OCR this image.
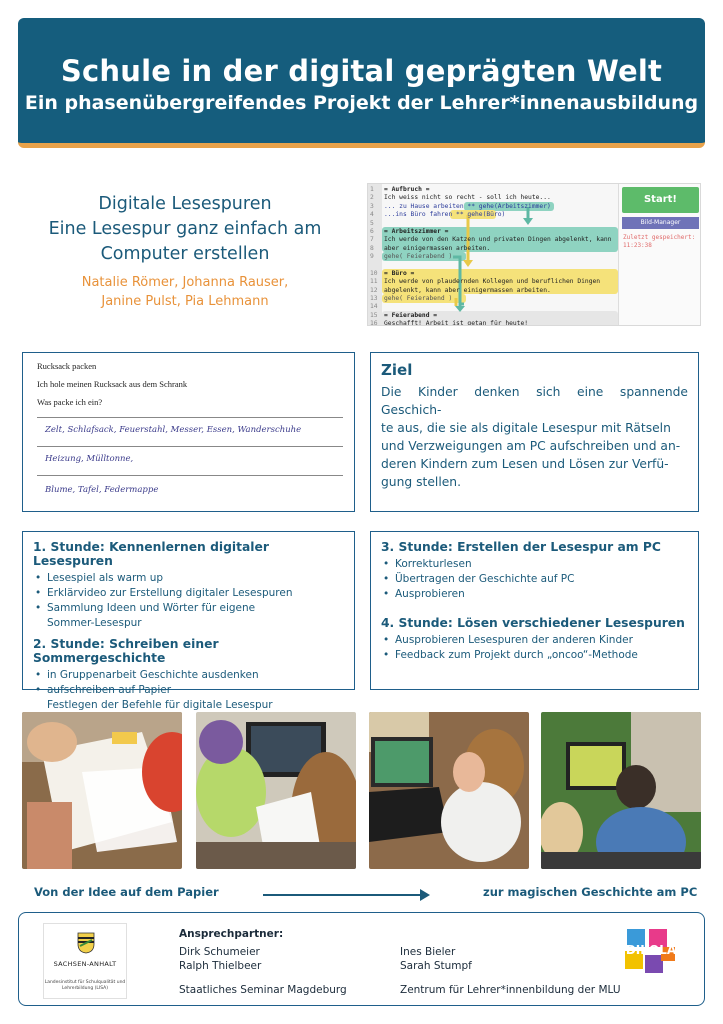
Schule in der digital geprägten Welt
Ein phasenübergreifendes Projekt der Lehrer*innenausbildung
Digitale Lesespuren
Eine Lesespur ganz einfach am
Computer erstellen
Natalie Römer, Johanna Rauser,
Janine Pulst, Pia Lehmann
1
2
3
4
5
6
7
8
9
10
11
12
13
14
15
16
= Aufbruch =
Ich weiss nicht so recht - soll ich heute...
... zu Hause arbeiten ** gehe(Arbeitszimmer)
...ins Büro fahren ** gehe(Büro)
= Arbeitszimmer =
Ich werde von den Katzen und privaten Dingen abgelenkt, kann
aber einigermassen arbeiten.
gehe( Feierabend )
= Büro =
Ich werde von plaudernden Kollegen und beruflichen Dingen
abgelenkt, kann aber einigermassen arbeiten.
gehe( Feierabend )
= Feierabend =
Geschafft! Arbeit ist getan für heute!
Start!
Bild-Manager
Zuletzt gespeichert:
11:23:38
Rucksack packen
Ich hole meinen Rucksack aus dem Schrank
Was packe ich ein?
Zelt, Schlafsack, Feuerstahl, Messer, Essen, Wanderschuhe
Heizung, Mülltonne,
Blume, Tafel, Federmappe
Ziel

Die Kinder denken sich eine spannende Geschich-
te aus, die sie als digitale Lesespur mit Rätseln
und Verzweigungen am PC aufschreiben und an-
deren Kindern zum Lesen und Lösen zur Verfü-
gung stellen.

1. Stunde: Kennenlernen digitaler Lesespuren
• Lesespiel als warm up
• Erklärvideo zur Erstellung digitaler Lesespuren
• Sammlung Ideen und Wörter für eigene
Sommer-Lesespur
2. Stunde: Schreiben einer Sommergeschichte
• in Gruppenarbeit Geschichte ausdenken
• aufschreiben auf Papier
Festlegen der Befehle für digitale Lesespur
3. Stunde: Erstellen der Lesespur am PC
• Korrekturlesen
• Übertragen der Geschichte auf PC
• Ausprobieren
4. Stunde: Lösen verschiedener Lesespuren
• Ausprobieren Lesespuren der anderen Kinder
• Feedback zum Projekt durch „oncoo“-Methode
Von der Idee auf dem Papier	zur magischen Geschichte am PC
SACHSEN-ANHALT
Landesinstitut für Schulqualität und Lehrerbildung (LISA)
Ansprechpartner:
Dirk Schumeier
Ralph Thielbeer
Staatliches Seminar Magdeburg
Ines Bieler
Sarah Stumpf
Zentrum für Lehrer*innenbildung der MLU
DIKOLA
